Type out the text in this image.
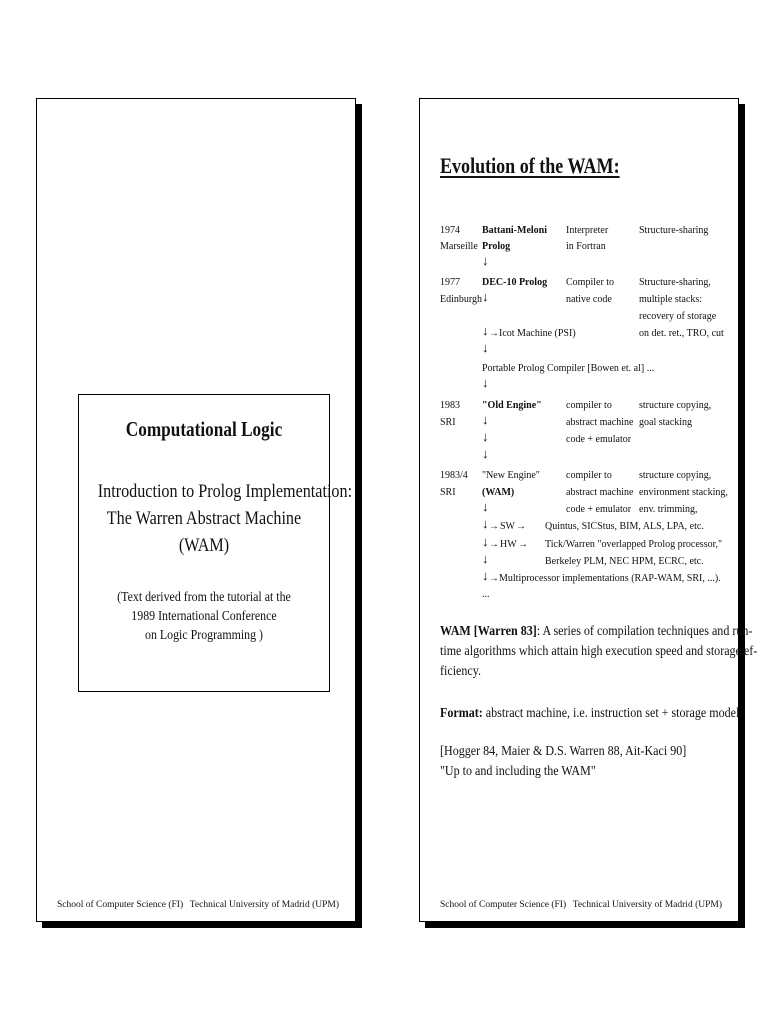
Computational Logic
Introduction to Prolog Implementation:
The Warren Abstract Machine
(WAM)
(Text derived from the tutorial at the
1989 International Conference
on Logic Programming )
School of Computer Science (FI) Technical University of Madrid (UPM)
Evolution of the WAM:
1974
Marseille
Battani-Meloni
Prolog
Interpreter
in Fortran
Structure-sharing
↓
1977
Edinburgh
DEC-10 Prolog
↓
Compiler to
native code
Structure-sharing,
multiple stacks:
recovery of storage
on det. ret., TRO, cut
↓ → Icot Machine (PSI)
↓
Portable Prolog Compiler [Bowen et. al] ...
↓
1983
SRI
"Old Engine"
↓
↓
↓
compiler to
abstract machine
code + emulator
structure copying,
goal stacking
1983/4
SRI
"New Engine"
(WAM)
↓
compiler to
abstract machine
code + emulator
structure copying,
environment stacking,
env. trimming,
↓ → SW → Quintus, SICStus, BIM, ALS, LPA, etc.
↓ → HW → Tick/Warren "overlapped Prolog processor,"
↓	Berkeley PLM, NEC HPM, ECRC, etc.
↓ → Multiprocessor implementations (RAP-WAM, SRI, ...).
...
WAM [Warren 83]: A series of compilation techniques and run-
time algorithms which attain high execution speed and storage ef-
ficiency.
Format: abstract machine, i.e. instruction set + storage model.
[Hogger 84, Maier & D.S. Warren 88, Ait-Kaci 90]
"Up to and including the WAM"
School of Computer Science (FI) Technical University of Madrid (UPM)
